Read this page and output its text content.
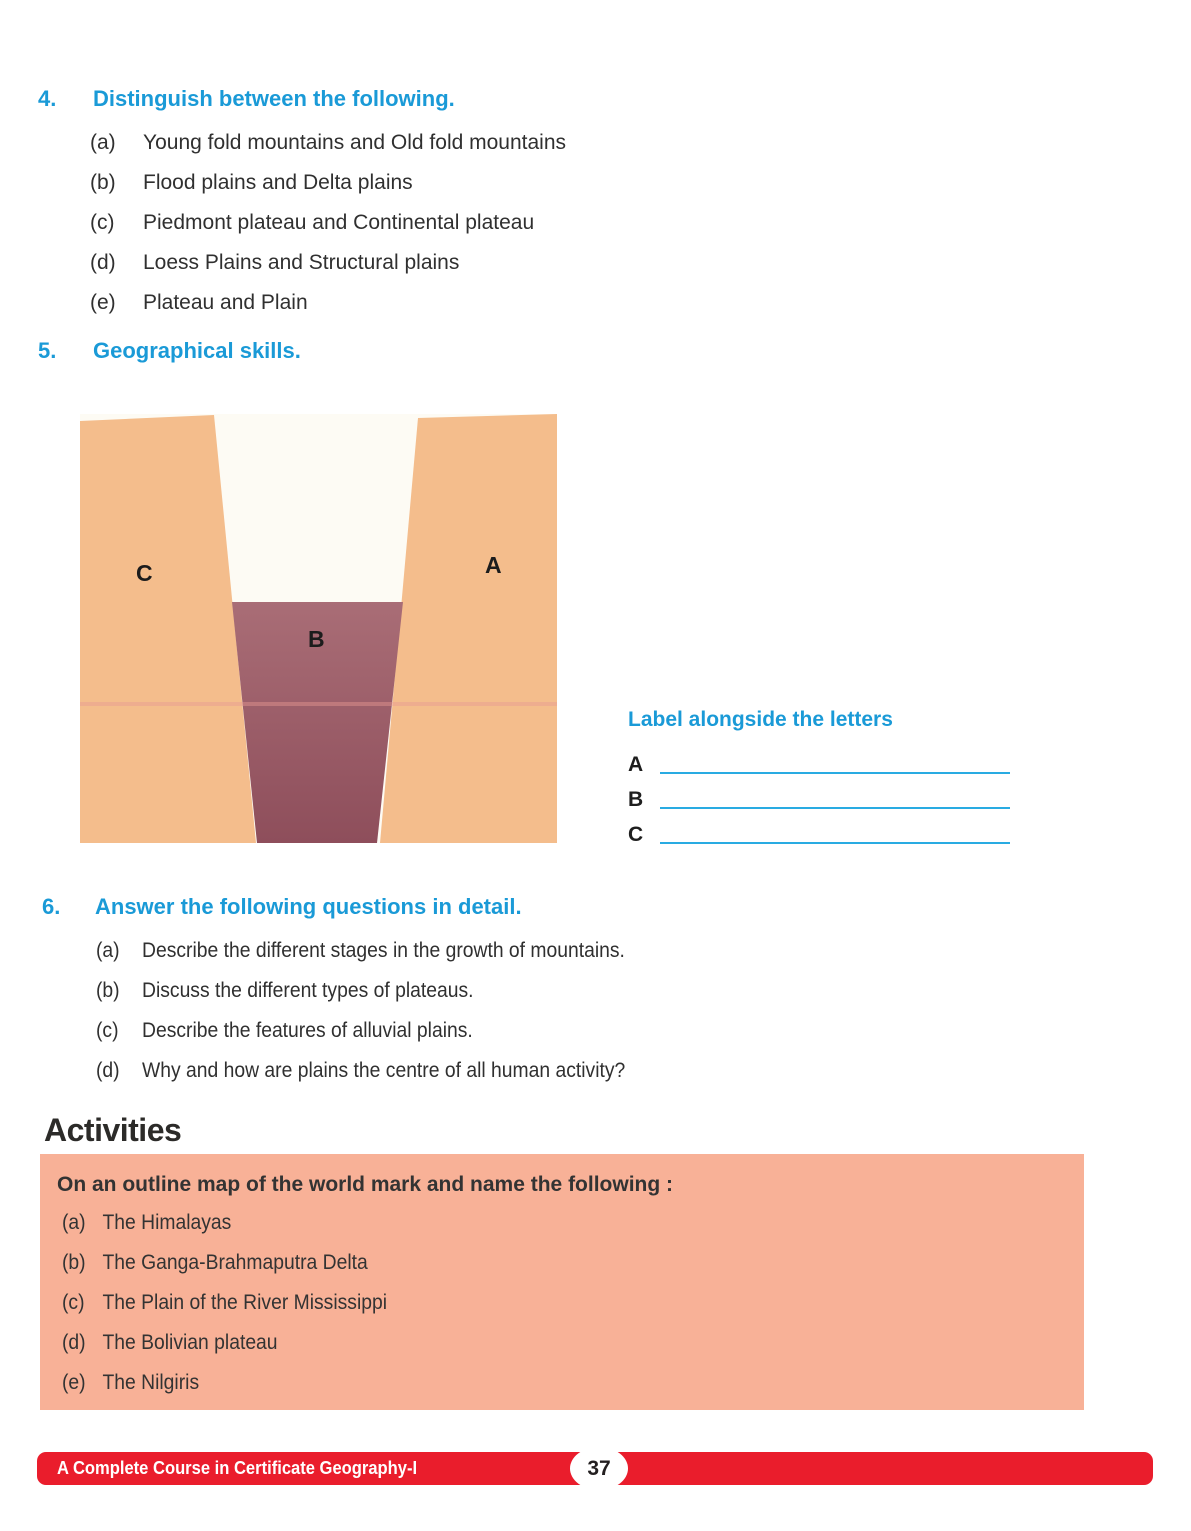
4. Distinguish between the following.
(a)	Young fold mountains and Old fold mountains
(b)	Flood plains and Delta plains
(c)	Piedmont plateau and Continental plateau
(d)	Loess Plains and Structural plains
(e)	Plateau and Plain
5. Geographical skills.
C	A
B
Label alongside the letters
A
B
C
6. Answer the following questions in detail.
(a)	Describe the different stages in the growth of mountains.
(b)	Discuss the different types of plateaus.
(c)	Describe the features of alluvial plains.
(d)	Why and how are plains the centre of all human activity?
Activities
On an outline map of the world mark and name the following :
(a) The Himalayas
(b) The Ganga-Brahmaputra Delta
(c) The Plain of the River Mississippi
(d) The Bolivian plateau
(e) The Nilgiris
A Complete Course in Certificate Geography-I	37
